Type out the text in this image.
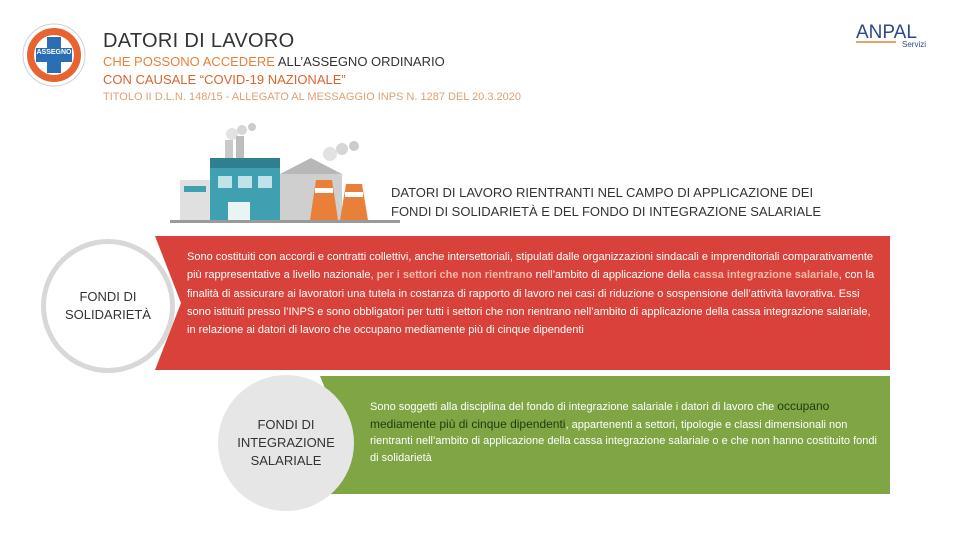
ASSEGNO
DATORI DI LAVORO
CHE POSSONO ACCEDERE ALL’ASSEGNO ORDINARIO
CON CAUSALE “COVID-19 NAZIONALE”
TITOLO II D.L.N. 148/15 - ALLEGATO AL MESSAGGIO INPS N. 1287 DEL 20.3.2020
ANPAL
Servizi
DATORI DI LAVORO RIENTRANTI NEL CAMPO DI APPLICAZIONE DEI
FONDI DI SOLIDARIETÀ E DEL FONDO DI INTEGRAZIONE SALARIALE
Sono costituiti con accordi e contratti collettivi, anche intersettoriali, stipulati dalle organizzazioni sindacali e imprenditoriali comparativamente più rappresentative a livello nazionale, per i settori che non rientrano nell’ambito di applicazione della cassa integrazione salariale, con la finalità di assicurare ai lavoratori una tutela in costanza di rapporto di lavoro nei casi di riduzione o sospensione dell’attività lavorativa. Essi sono istituiti presso l’INPS e sono obbligatori per tutti i settori che non rientrano nell’ambito di applicazione della cassa integrazione salariale, in relazione ai datori di lavoro che occupano mediamente più di cinque dipendenti
FONDI DI
SOLIDARIETÀ
Sono soggetti alla disciplina del fondo di integrazione salariale i datori di lavoro che occupano mediamente più di cinque dipendenti, appartenenti a settori, tipologie e classi dimensionali non rientranti nell’ambito di applicazione della cassa integrazione salariale o e che non hanno costituito fondi di solidarietà
FONDI DI
INTEGRAZIONE
SALARIALE
